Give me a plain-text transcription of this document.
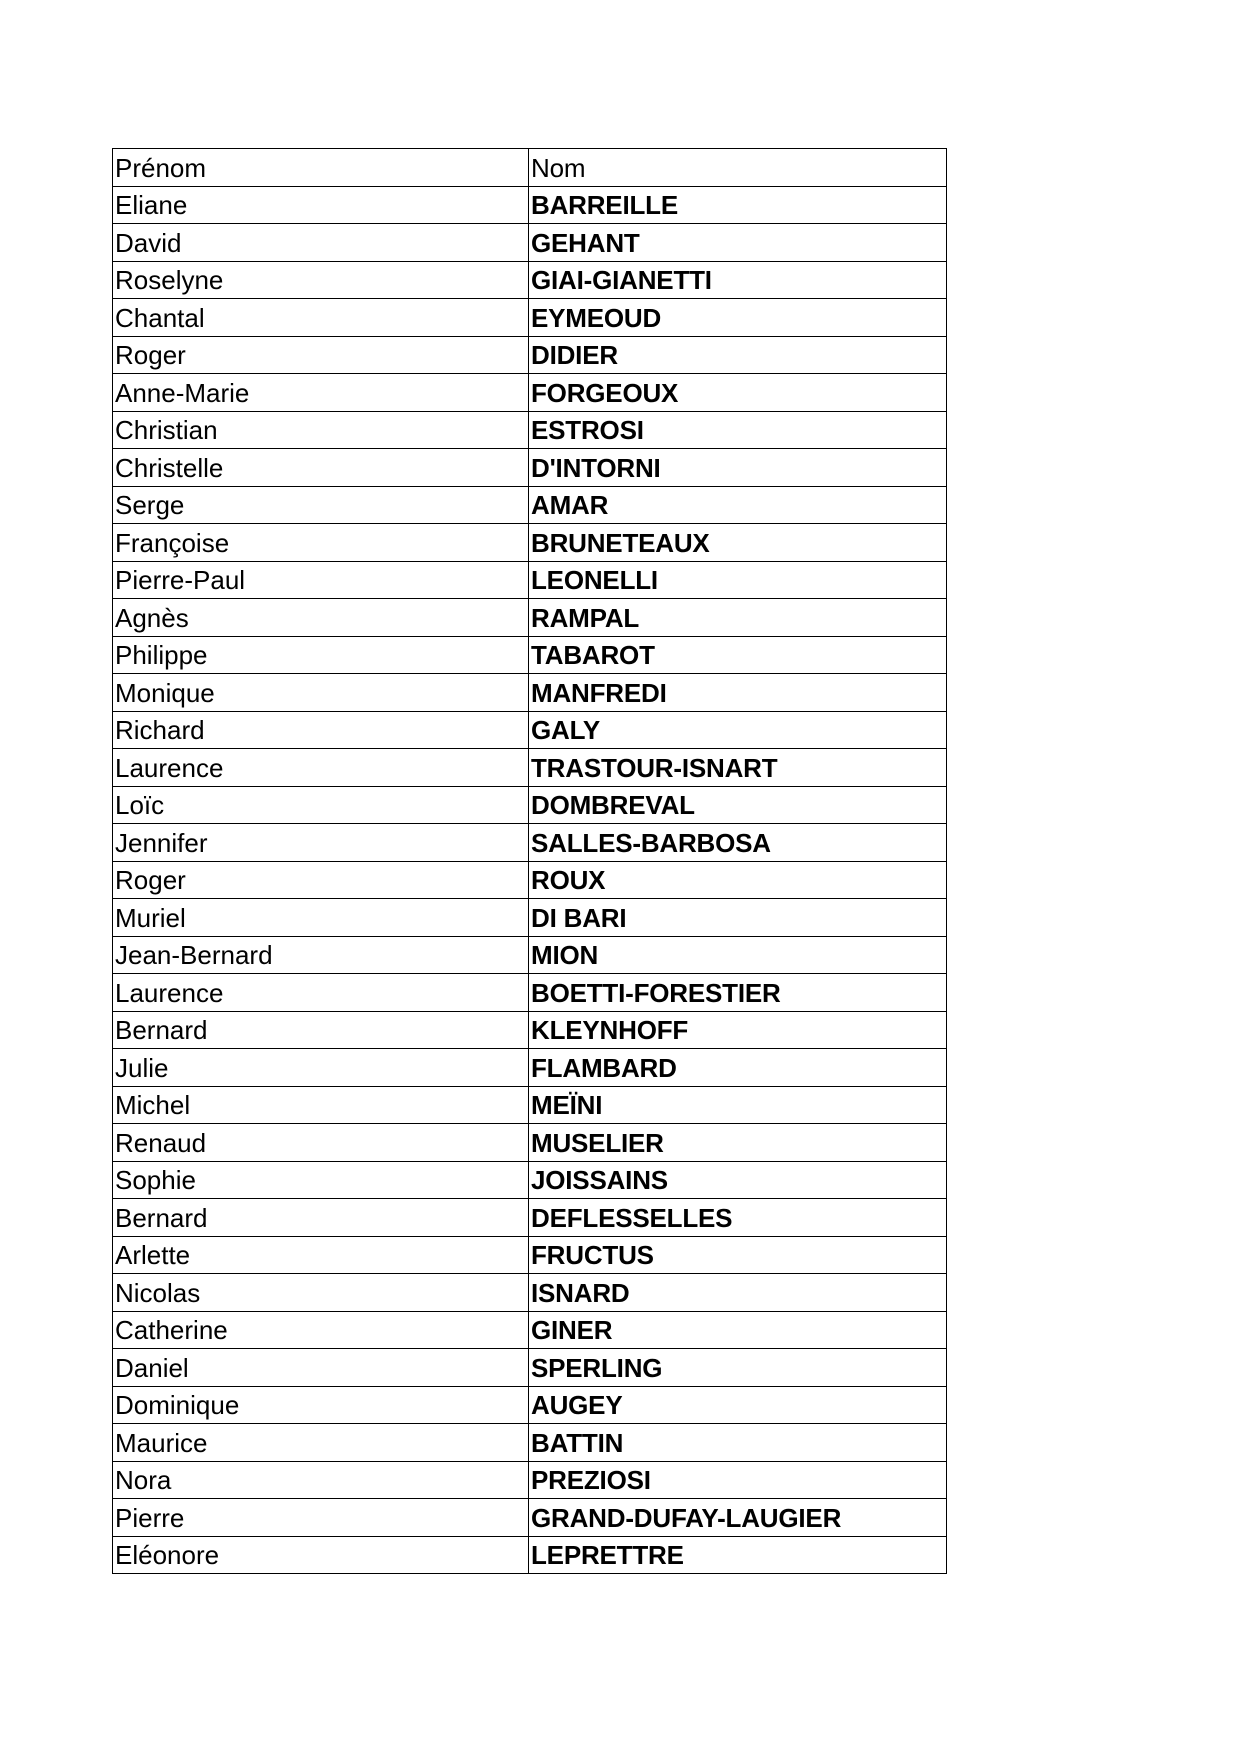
Prénom	Nom
Eliane	BARREILLE
David	GEHANT
Roselyne	GIAI-GIANETTI
Chantal	EYMEOUD
Roger	DIDIER
Anne-Marie	FORGEOUX
Christian	ESTROSI
Christelle	D'INTORNI
Serge	AMAR
Françoise	BRUNETEAUX
Pierre-Paul	LEONELLI
Agnès	RAMPAL
Philippe	TABAROT
Monique	MANFREDI
Richard	GALY
Laurence	TRASTOUR-ISNART
Loïc	DOMBREVAL
Jennifer	SALLES-BARBOSA
Roger	ROUX
Muriel	DI BARI
Jean-Bernard	MION
Laurence	BOETTI-FORESTIER
Bernard	KLEYNHOFF
Julie	FLAMBARD
Michel	MEÏNI
Renaud	MUSELIER
Sophie	JOISSAINS
Bernard	DEFLESSELLES
Arlette	FRUCTUS
Nicolas	ISNARD
Catherine	GINER
Daniel	SPERLING
Dominique	AUGEY
Maurice	BATTIN
Nora	PREZIOSI
Pierre	GRAND-DUFAY-LAUGIER
Eléonore	LEPRETTRE
